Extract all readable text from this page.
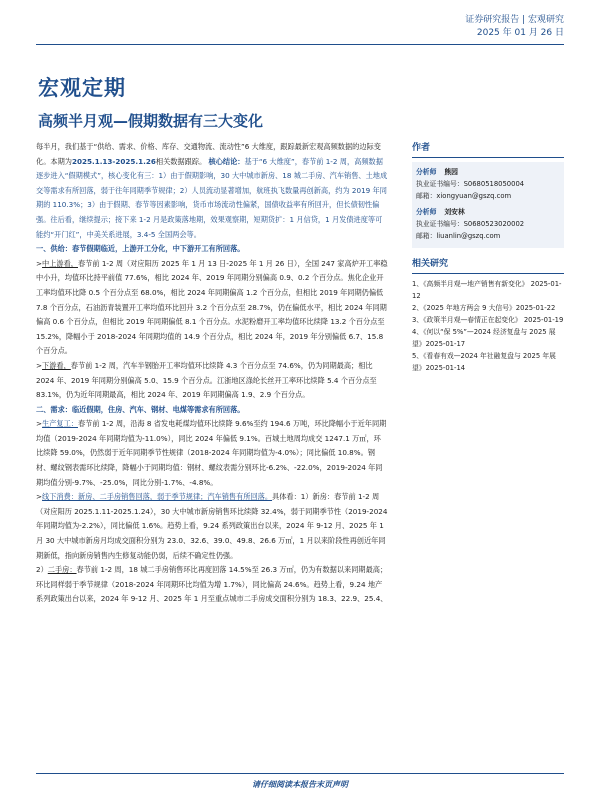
证券研究报告 | 宏观研究
2025 年 01 月 26 日
宏观定期
高频半月观—假期数据有三大变化

每半月，我们基于“供给、需求、价格、库存、交通物流、流动性”6 大维度，跟踪最新宏观高频数据的边际变化。本期为2025.1.13-2025.1.26相关数据跟踪。 核心结论：基于“6 大维度”，春节前 1-2 周，高频数据逐步进入“假期模式”，核心变化有三：1）由于假期影响，30 大中城市新房、18 城二手房、汽车销售、土地成交等需求有所回落，弱于往年同期季节规律；2）人员流动显著增加，航班执飞数量再创新高，约为 2019 年同期的 110.3%；3）由于假期、春节等因素影响，货币市场流动性偏紧，国债收益率有所回升，但长债韧性偏强。往后看，继续提示；接下来 1-2 月是政策落地期，效果观察期，短期货扩：1 月信贷，1 月发债进度等可能约“开门红”，中美关系进展，3.4-5 全国两会等。

一、供给：春节假期临近，上游开工分化，中下游开工有所回落。

>中上游看，春节前 1-2 周（对应阳历 2025 年 1 月 13 日-2025 年 1 月 26 日），全国 247 家高炉开工率稳中小升，均值环比持平前值 77.6%，相比 2024 年、2019 年同期分别偏高 0.9、0.2 个百分点。焦化企业开工率均值环比降 0.5 个百分点至 68.0%，相比 2024 年同期偏高 1.2 个百分点，但相比 2019 年同期仍偏低 7.8 个百分点，石油沥青装置开工率均值环比回升 3.2 个百分点至 28.7%，仍在偏低水平，相比 2024 年同期偏高 0.6 个百分点，但相比 2019 年同期偏低 8.1 个百分点。水泥粉磨开工率均值环比续降 13.2 个百分点至 15.2%，降幅小于 2018-2024 年同期均值的 14.9 个百分点，相比 2024 年，2019 年分别偏低 6.7、15.8 个百分点。

>下游看，春节前 1-2 周，汽车半钢胎开工率均值环比续降 4.3 个百分点至 74.6%，仍为同期最高；相比 2024 年、2019 年同期分别偏高 5.0、15.9 个百分点。江浙地区涤纶长丝开工率环比续降 5.4 个百分点至 83.1%，仍为近年同期最高，相比 2024 年、2019 年同期偏高 1.9、2.9 个百分点。

二、需求：临近假期，住房、汽车、钢材、电煤等需求有所回落。

>生产复工：春节前 1-2 周，沿海 8 省发电耗煤均值环比续降 9.6%至约 194.6 万吨，环比降幅小于近年同期均值（2019-2024 年同期均值为-11.0%），同比 2024 年偏低 9.1%。百城土地周均成交 1247.1 万㎡，环比续降 59.0%，仍然弱于近年同期季节性规律（2018-2024 年同期均值为-4.0%）；同比偏低 10.8%。钢材、螺纹钢表需环比续降，降幅小于同期均值：钢材、螺纹表需分别环比-6.2%、-22.0%，2019-2024 年同期均值分别-9.7%、-25.0%，同比分别-1.7%、-4.8%。

>线下消费：新房、二手房销售回落，弱于季节规律；汽车销售有所回落。具体看：1）新房：春节前 1-2 周（对应阳历 2025.1.11-2025.1.24），30 大中城市新房销售环比续降 32.4%，弱于同期季节性（2019-2024 年同期均值为-2.2%），同比偏低 1.6%。趋势上看，9.24 系列政策出台以来，2024 年 9-12 月、2025 年 1 月 30 大中城市新房月均成交面积分别为 23.0、32.6、39.0、49.8、26.6 万㎡，1 月以来阶段性再创近年同期新低，指向新房销售内生修复动能仍弱，后续不确定性仍强。

2）二手房：春节前 1-2 周，18 城二手房销售环比再度回落 14.5%至 26.3 万㎡，仍为有数据以来同期最高；环比同样弱于季节规律（2018-2024 年同期环比均值为增 1.7%），同比偏高 24.6%。趋势上看，9.24 地产系列政策出台以来，2024 年 9-12 月、2025 年 1 月至重点城市二手房成交面积分别为 18.3、22.9、25.4、

作者
分析师 熊园

执业证书编号：S0680518050004

邮箱：xiongyuan@gszq.com

分析师 刘安林

执业证书编号：S0680523020002

邮箱：liuanlin@gszq.com

相关研究

1、《高频半月观—地产销售有新变化》 2025-01-12

2、《2025 年地方两会 9 大信号》2025-01-22

3、《政策半月观—春情正在起变化》 2025-01-19

4、《何以“保 5%”—2024 经济复盘与 2025 展望》2025-01-17

5、《看春有戏—2024 年社融复盘与 2025 年展望》2025-01-14

请仔细阅读本报告末页声明
